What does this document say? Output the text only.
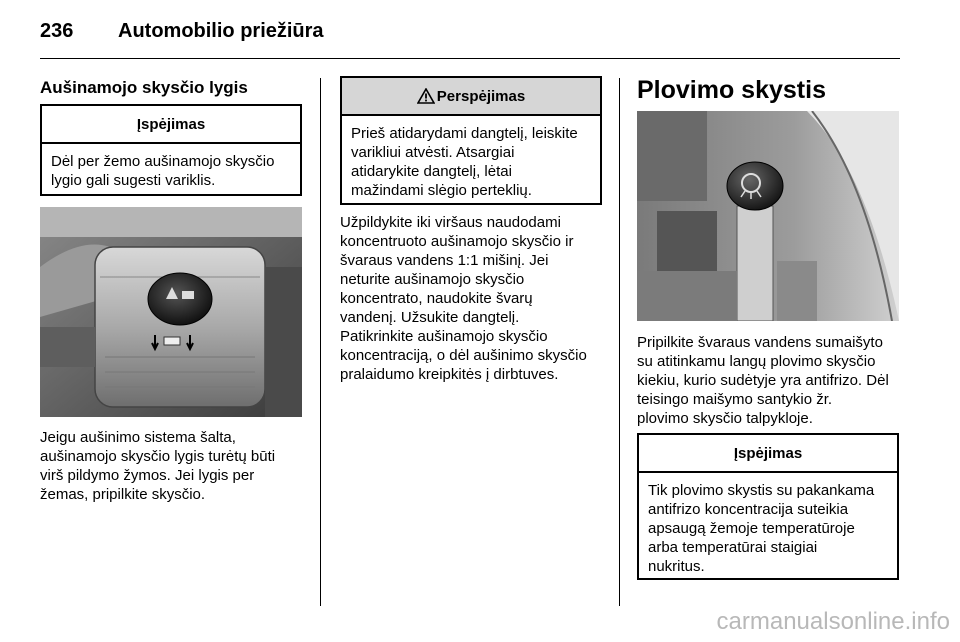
236 Automobilio priežiūra
Aušinamojo skysčio lygis
Įspėjimas
Dėl per žemo aušinamojo skysčio lygio gali sugesti variklis.
Jeigu aušinimo sistema šalta,
aušinamojo skysčio lygis turėtų būti
virš pildymo žymos. Jei lygis per
žemas, pripilkite skysčio.
Perspėjimas
Prieš atidarydami dangtelį, leiskite
varikliui atvėsti. Atsargiai
atidarykite dangtelį, lėtai
mažindami slėgio perteklių.
Užpildykite iki viršaus naudodami
koncentruoto aušinamojo skysčio ir
švaraus vandens 1:1 mišinį. Jei
neturite aušinamojo skysčio
koncentrato, naudokite švarų
vandenį. Užsukite dangtelį.
Patikrinkite aušinamojo skysčio
koncentraciją, o dėl aušinimo skysčio
pralaidumo kreipkitės į dirbtuves.
Plovimo skystis
Pripilkite švaraus vandens sumaišyto
su atitinkamu langų plovimo skysčio
kiekiu, kurio sudėtyje yra antifrizo. Dėl
teisingo maišymo santykio žr.
plovimo skysčio talpykloje.
Įspėjimas
Tik plovimo skystis su pakankama
antifrizo koncentracija suteikia
apsaugą žemoje temperatūroje
arba temperatūrai staigiai
nukritus.
carmanualsonline.info
